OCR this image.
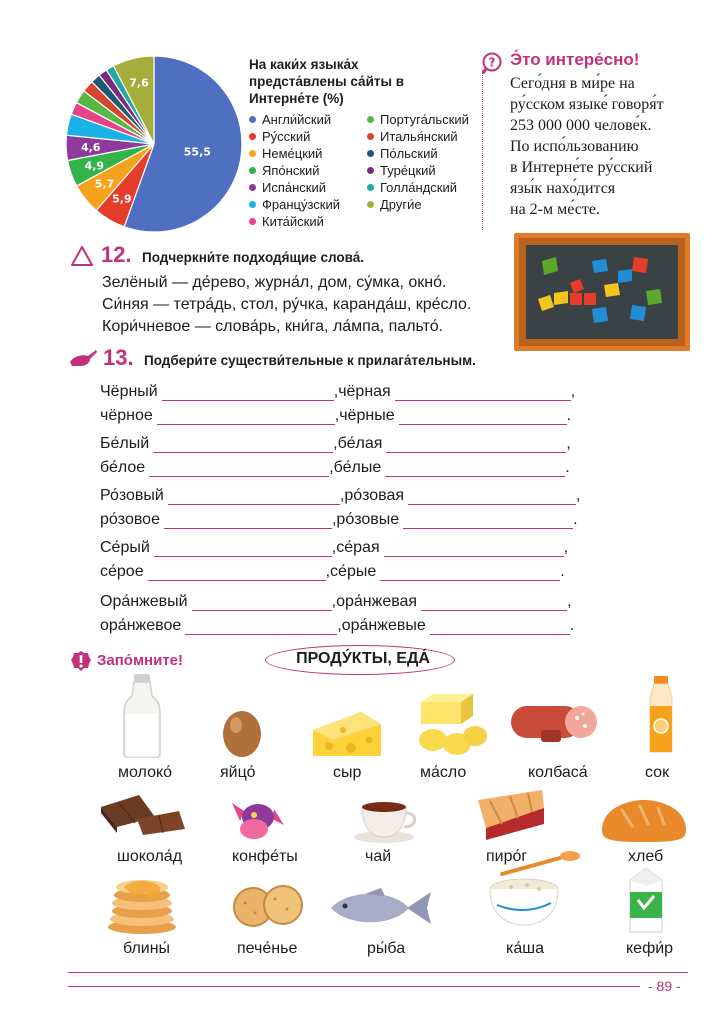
55,5
5,9
5,7
4,9
4,6
7,6
На каки́х языка́х предста́влены са́йты в Интерне́те (%)
Англи́йский
Ру́сский
Неме́цкий
Япо́нский
Испа́нский
Францу́зский
Кита́йский
Португа́льский
Италья́нский
По́льский
Туре́цкий
Голла́ндский
Други́е
? Э́то интере́сно!
Сего́дня в ми́ре на
ру́сском языке́ говоря́т
253 000 000 челове́к.
По испо́льзованию
в Интерне́те ру́сский
язы́к нахо́дится
на 2-м ме́сте.
12. Подчеркни́те подходя́щие слова́.
Зелёный — де́рево, журна́л, дом, су́мка, окно́.
Си́няя — тетра́дь, стол, ру́чка, каранда́ш, кре́сло.
Кори́чневое — слова́рь, кни́га, ла́мпа, пальто́.
13. Подбери́те существи́тельные к прилага́тельным.
Чёрный	, чёрная	,
чёрное	, чёрные	.
Бе́лый	, бе́лая	,
бе́лое	, бе́лые	.
Ро́зовый	, ро́зовая	,
ро́зовое	, ро́зовые	.
Се́рый	, се́рая	,
се́рое	, се́рые	.
Ора́нжевый	, ора́нжевая	,
ора́нжевое	, ора́нжевые	.
Запо́мните!	ПРОДУ́КТЫ, ЕДА́
молоко́	яйцо́	сыр	ма́сло	колбаса́	сок
шокола́д	конфе́ты	чай	пиро́г	хлеб
блины́	пече́нье	ры́ба	ка́ша	кефи́р
- 89 -
